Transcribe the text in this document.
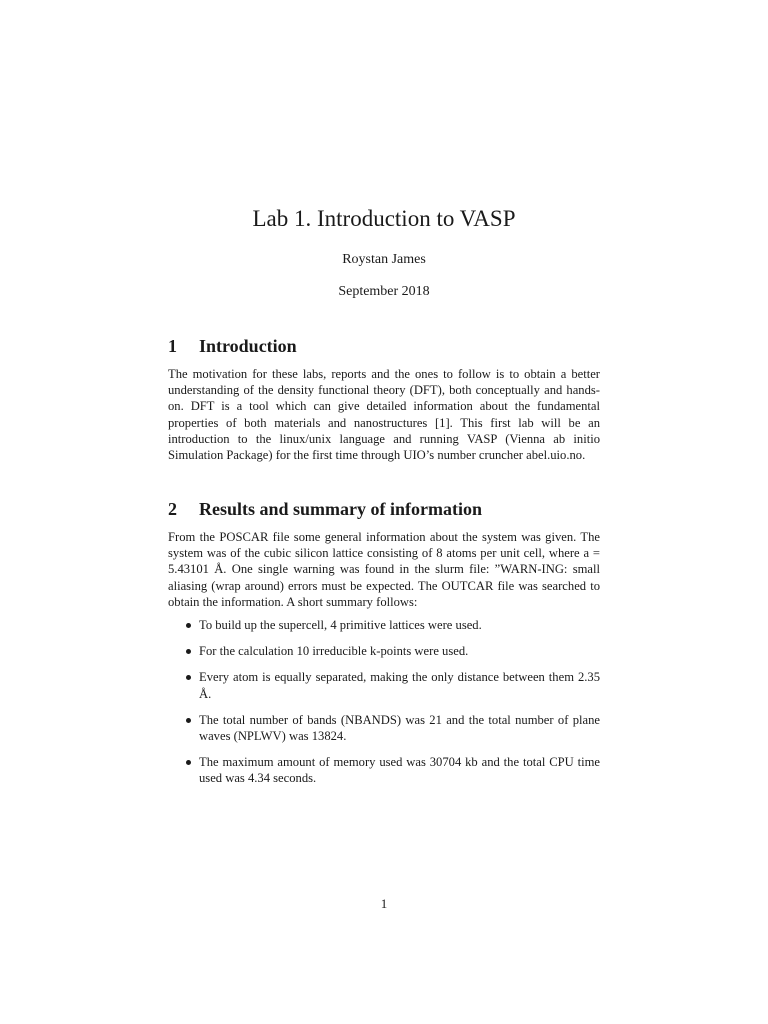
Lab 1. Introduction to VASP
Roystan James
September 2018
1 Introduction

The motivation for these labs, reports and the ones to follow is to obtain a better understanding of the density functional theory (DFT), both conceptually and hands-on. DFT is a tool which can give detailed information about the fundamental properties of both materials and nanostructures [1]. This first lab will be an introduction to the linux/unix language and running VASP (Vienna ab initio Simulation Package) for the first time through UIO’s number cruncher abel.uio.no.

2 Results and summary of information

From the POSCAR file some general information about the system was given. The system was of the cubic silicon lattice consisting of 8 atoms per unit cell, where a = 5.43101 Å. One single warning was found in the slurm file: ”WARN-ING: small aliasing (wrap around) errors must be expected. The OUTCAR file was searched to obtain the information. A short summary follows:

To build up the supercell, 4 primitive lattices were used.
For the calculation 10 irreducible k-points were used.
Every atom is equally separated, making the only distance between them 2.35 Å.
The total number of bands (NBANDS) was 21 and the total number of plane waves (NPLWV) was 13824.
The maximum amount of memory used was 30704 kb and the total CPU time used was 4.34 seconds.
1
